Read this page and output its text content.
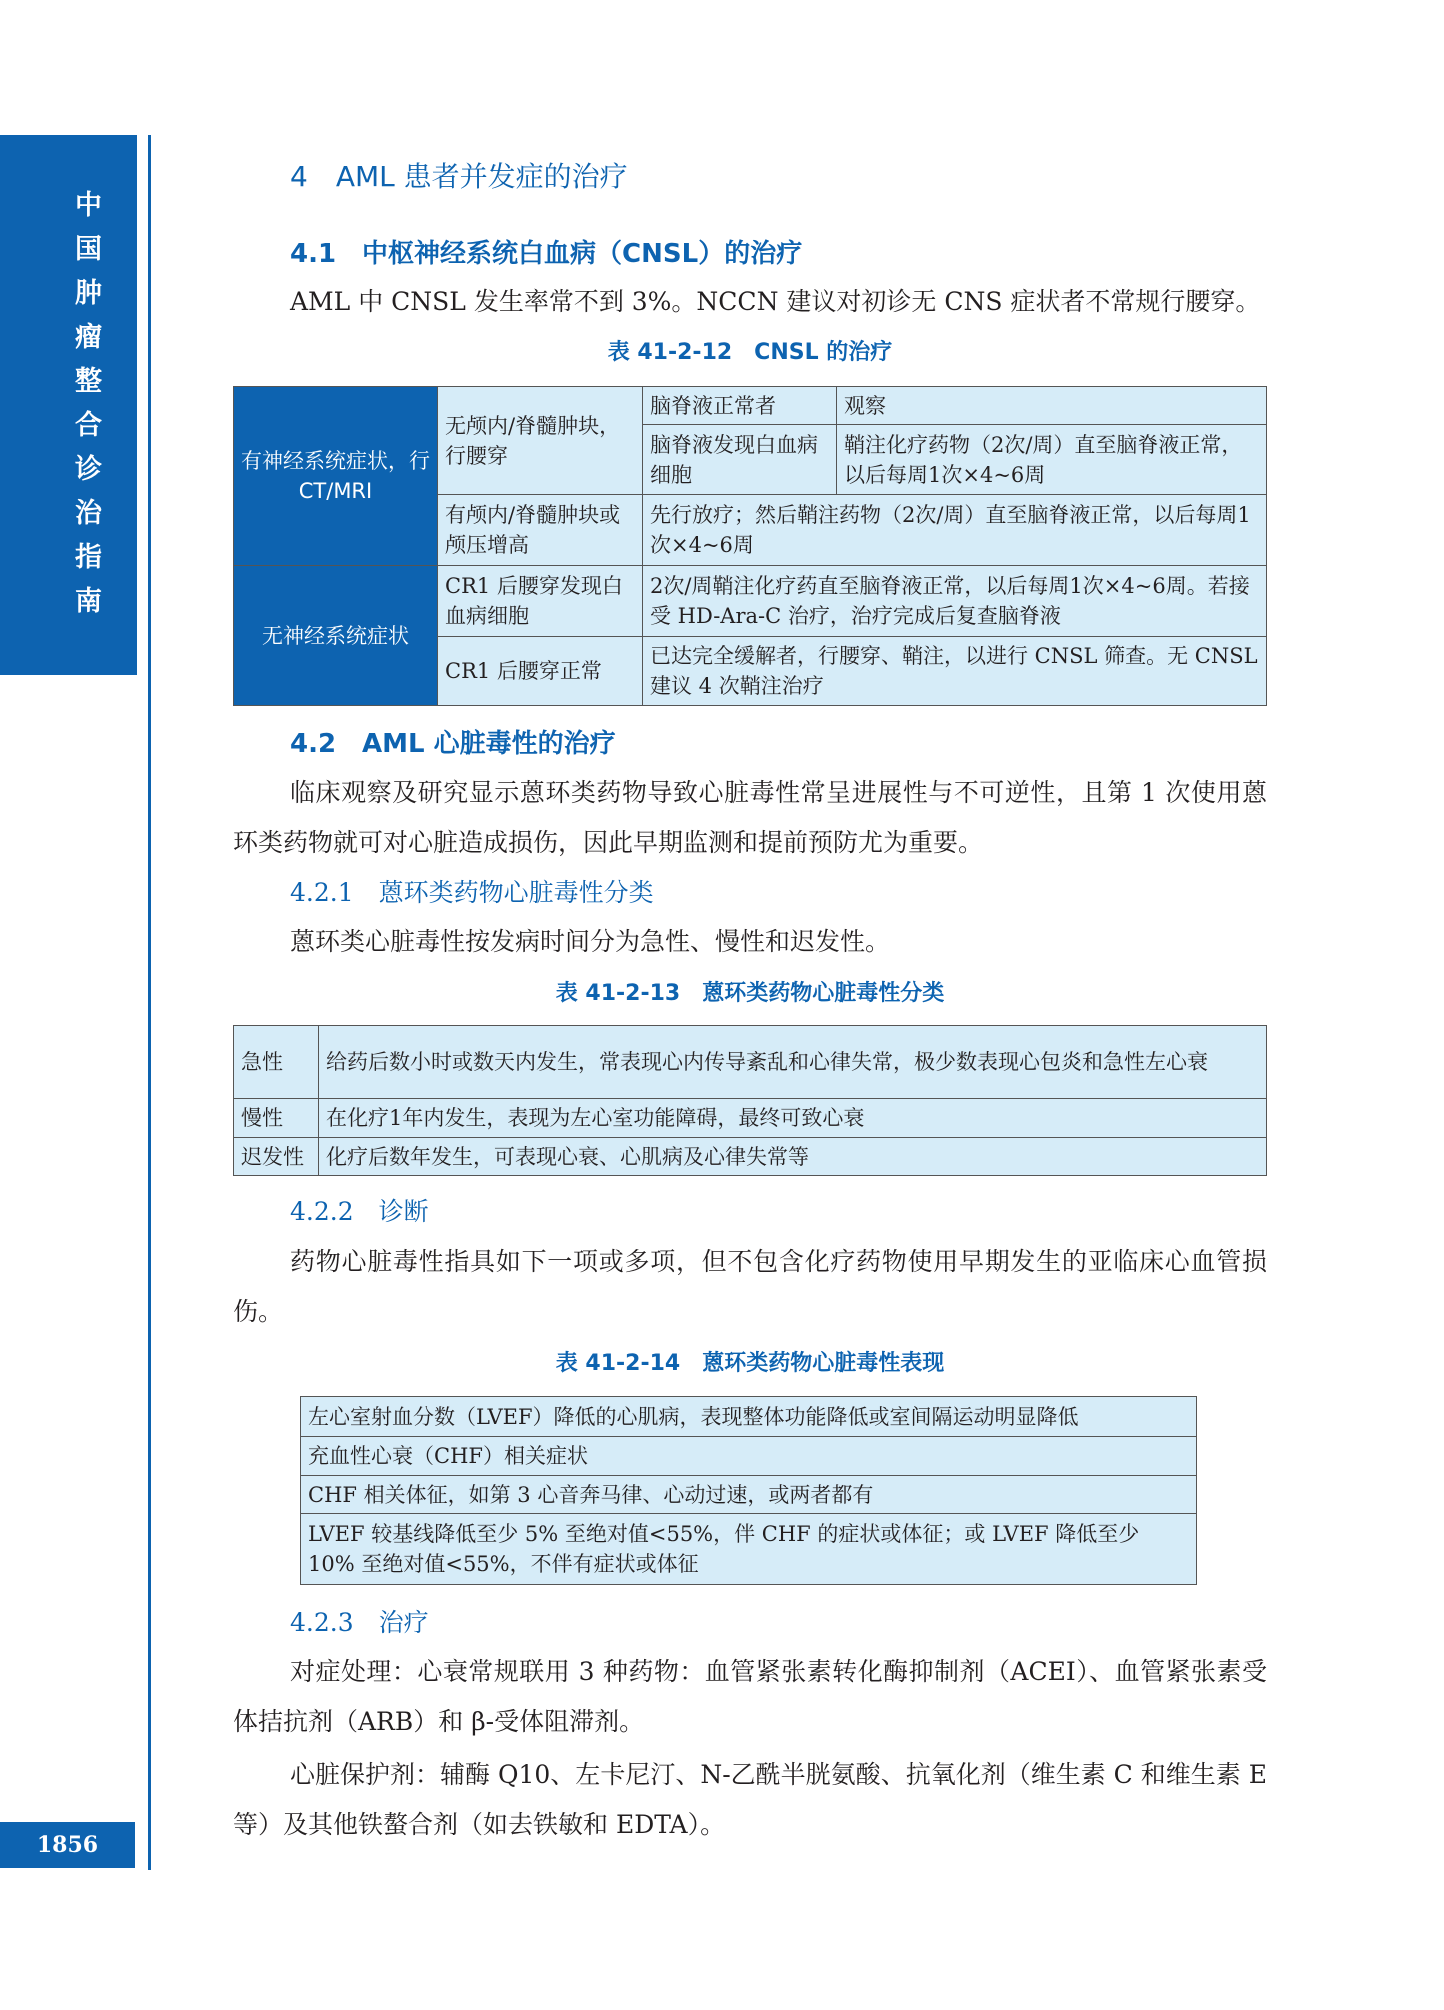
中国肿瘤整合诊治指南
1856
4　AML 患者并发症的治疗
4.1　中枢神经系统白血病（CNSL）的治疗
AML 中 CNSL 发生率常不到 3%。NCCN 建议对初诊无 CNS 症状者不常规行腰穿。
表 41-2-12　CNSL 的治疗
有神经系统症状，行 CT/MRI	无颅内/脊髓肿块，行腰穿	脑脊液正常者	观察
		脑脊液发现白血病细胞	鞘注化疗药物（2次/周）直至脑脊液正常，以后每周1次×4~6周
	有颅内/脊髓肿块或颅压增高	先行放疗；然后鞘注药物（2次/周）直至脑脊液正常，以后每周1次×4~6周	
无神经系统症状	CR1 后腰穿发现白血病细胞	2次/周鞘注化疗药直至脑脊液正常，以后每周1次×4~6周。若接受 HD-Ara-C 治疗，治疗完成后复查脑脊液	
	CR1 后腰穿正常	已达完全缓解者，行腰穿、鞘注，以进行 CNSL 筛查。无 CNSL 建议 4 次鞘注治疗	
4.2　AML 心脏毒性的治疗
临床观察及研究显示蒽环类药物导致心脏毒性常呈进展性与不可逆性，且第 1 次使用蒽环类药物就可对心脏造成损伤，因此早期监测和提前预防尤为重要。
4.2.1　蒽环类药物心脏毒性分类
蒽环类心脏毒性按发病时间分为急性、慢性和迟发性。
表 41-2-13　蒽环类药物心脏毒性分类
急性	给药后数小时或数天内发生，常表现心内传导紊乱和心律失常，极少数表现心包炎和急性左心衰
慢性	在化疗1年内发生，表现为左心室功能障碍，最终可致心衰
迟发性	化疗后数年发生，可表现心衰、心肌病及心律失常等
4.2.2　诊断
药物心脏毒性指具如下一项或多项，但不包含化疗药物使用早期发生的亚临床心血管损伤。
表 41-2-14　蒽环类药物心脏毒性表现
左心室射血分数（LVEF）降低的心肌病，表现整体功能降低或室间隔运动明显降低
充血性心衰（CHF）相关症状
CHF 相关体征，如第 3 心音奔马律、心动过速，或两者都有
LVEF 较基线降低至少 5% 至绝对值<55%，伴 CHF 的症状或体征；或 LVEF 降低至少 10% 至绝对值<55%，不伴有症状或体征
4.2.3　治疗
对症处理：心衰常规联用 3 种药物：血管紧张素转化酶抑制剂（ACEI）、血管紧张素受体拮抗剂（ARB）和 β-受体阻滞剂。
心脏保护剂：辅酶 Q10、左卡尼汀、N-乙酰半胱氨酸、抗氧化剂（维生素 C 和维生素 E 等）及其他铁螯合剂（如去铁敏和 EDTA）。
